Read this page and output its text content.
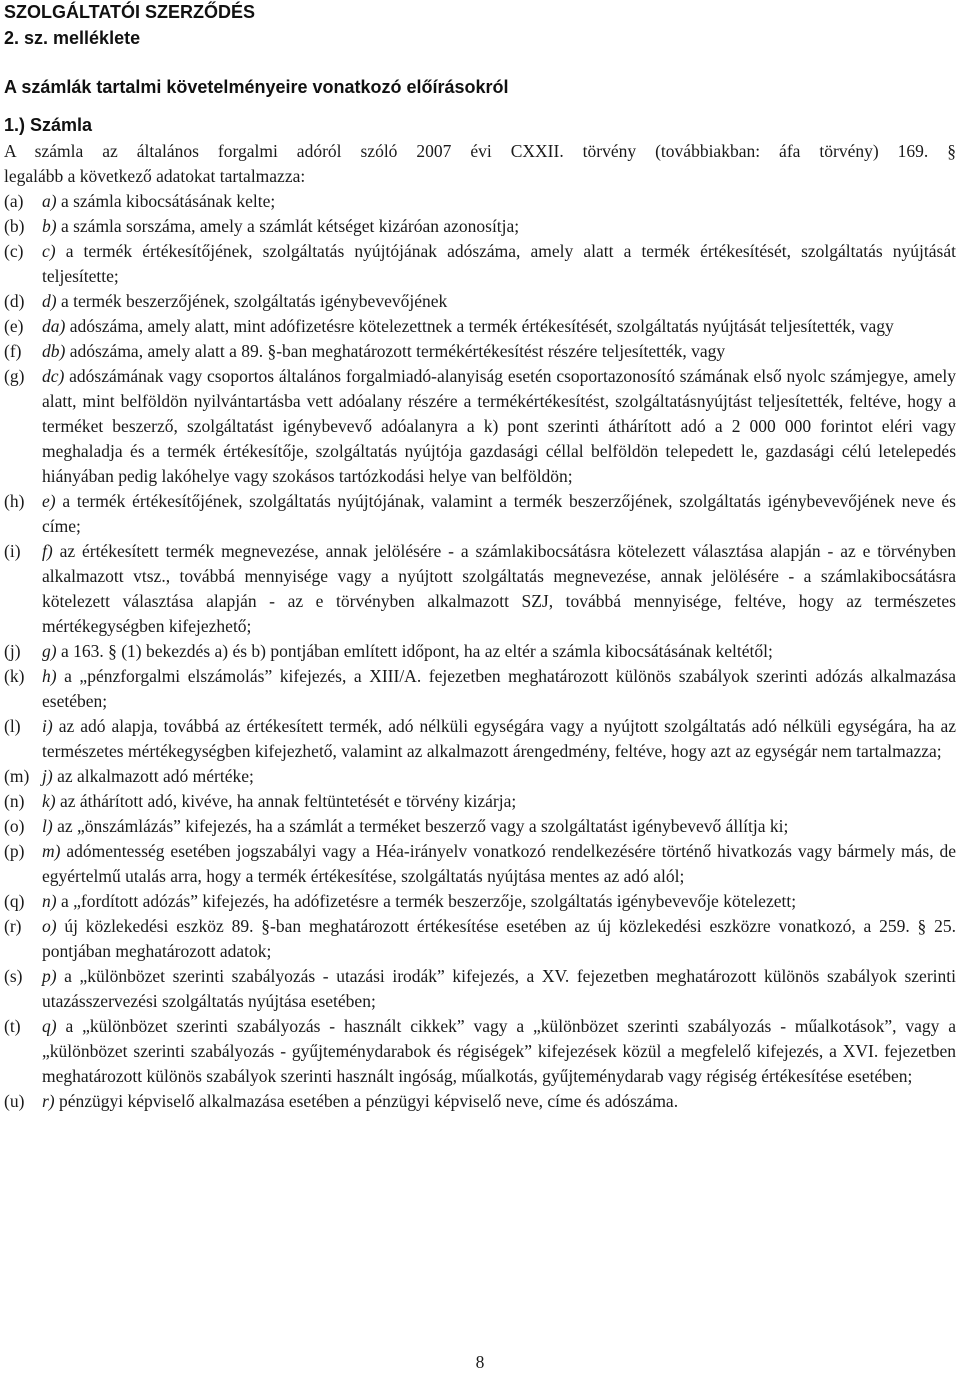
SZOLGÁLTATÓI SZERZŐDÉS
2. sz. melléklete
A számlák tartalmi követelményeire vonatkozó előírásokról
1.) Számla
A számla az általános forgalmi adóról szóló 2007 évi CXXII. törvény (továbbiakban: áfa törvény) 169. §
legalább a következő adatokat tartalmazza:
(a)	a) a számla kibocsátásának kelte;
(b)	b) a számla sorszáma, amely a számlát kétséget kizáróan azonosítja;
(c)	c) a termék értékesítőjének, szolgáltatás nyújtójának adószáma, amely alatt a termék értékesítését, szolgáltatás nyújtását teljesítette;
(d)	d) a termék beszerzőjének, szolgáltatás igénybevevőjének
(e)	da) adószáma, amely alatt, mint adófizetésre kötelezettnek a termék értékesítését, szolgáltatás nyújtását teljesítették, vagy
(f)	db) adószáma, amely alatt a 89. §-ban meghatározott termékértékesítést részére teljesítették, vagy
(g)	dc) adószámának vagy csoportos általános forgalmiadó-alanyiság esetén csoportazonosító számának első nyolc számjegye, amely alatt, mint belföldön nyilvántartásba vett adóalany részére a termékértékesítést, szolgáltatásnyújtást teljesítették, feltéve, hogy a terméket beszerző, szolgáltatást igénybevevő adóalanyra a k) pont szerinti áthárított adó a 2 000 000 forintot eléri vagy meghaladja és a termék értékesítője, szolgáltatás nyújtója gazdasági céllal belföldön telepedett le, gazdasági célú letelepedés hiányában pedig lakóhelye vagy szokásos tartózkodási helye van belföldön;
(h)	e) a termék értékesítőjének, szolgáltatás nyújtójának, valamint a termék beszerzőjének, szolgáltatás igénybevevőjének neve és címe;
(i)	f) az értékesített termék megnevezése, annak jelölésére - a számlakibocsátásra kötelezett választása alapján - az e törvényben alkalmazott vtsz., továbbá mennyisége vagy a nyújtott szolgáltatás megnevezése, annak jelölésére - a számlakibocsátásra kötelezett választása alapján - az e törvényben alkalmazott SZJ, továbbá mennyisége, feltéve, hogy az természetes mértékegységben kifejezhető;
(j)	g) a 163. § (1) bekezdés a) és b) pontjában említett időpont, ha az eltér a számla kibocsátásának keltétől;
(k)	h) a „pénzforgalmi elszámolás” kifejezés, a XIII/A. fejezetben meghatározott különös szabályok szerinti adózás alkalmazása esetében;
(l)	i) az adó alapja, továbbá az értékesített termék, adó nélküli egységára vagy a nyújtott szolgáltatás adó nélküli egységára, ha az természetes mértékegységben kifejezhető, valamint az alkalmazott árengedmény, feltéve, hogy azt az egységár nem tartalmazza;
(m) j) az alkalmazott adó mértéke;
(n)	k) az áthárított adó, kivéve, ha annak feltüntetését e törvény kizárja;
(o)	l) az „önszámlázás” kifejezés, ha a számlát a terméket beszerző vagy a szolgáltatást igénybevevő állítja ki;
(p)	m) adómentesség esetében jogszabályi vagy a Héa-irányelv vonatkozó rendelkezésére történő hivatkozás vagy bármely más, de egyértelmű utalás arra, hogy a termék értékesítése, szolgáltatás nyújtása mentes az adó alól;
(q)	n) a „fordított adózás” kifejezés, ha adófizetésre a termék beszerzője, szolgáltatás igénybevevője kötelezett;
(r)	o) új közlekedési eszköz 89. §-ban meghatározott értékesítése esetében az új közlekedési eszközre vonatkozó, a 259. § 25. pontjában meghatározott adatok;
(s)	p) a „különbözet szerinti szabályozás - utazási irodák” kifejezés, a XV. fejezetben meghatározott különös szabályok szerinti utazásszervezési szolgáltatás nyújtása esetében;
(t)	q) a „különbözet szerinti szabályozás - használt cikkek” vagy a „különbözet szerinti szabályozás - műalkotások”, vagy a „különbözet szerinti szabályozás - gyűjteménydarabok és régiségek” kifejezések közül a megfelelő kifejezés, a XVI. fejezetben meghatározott különös szabályok szerinti használt ingóság, műalkotás, gyűjteménydarab vagy régiség értékesítése esetében;
(u)	r) pénzügyi képviselő alkalmazása esetében a pénzügyi képviselő neve, címe és adószáma.
8
